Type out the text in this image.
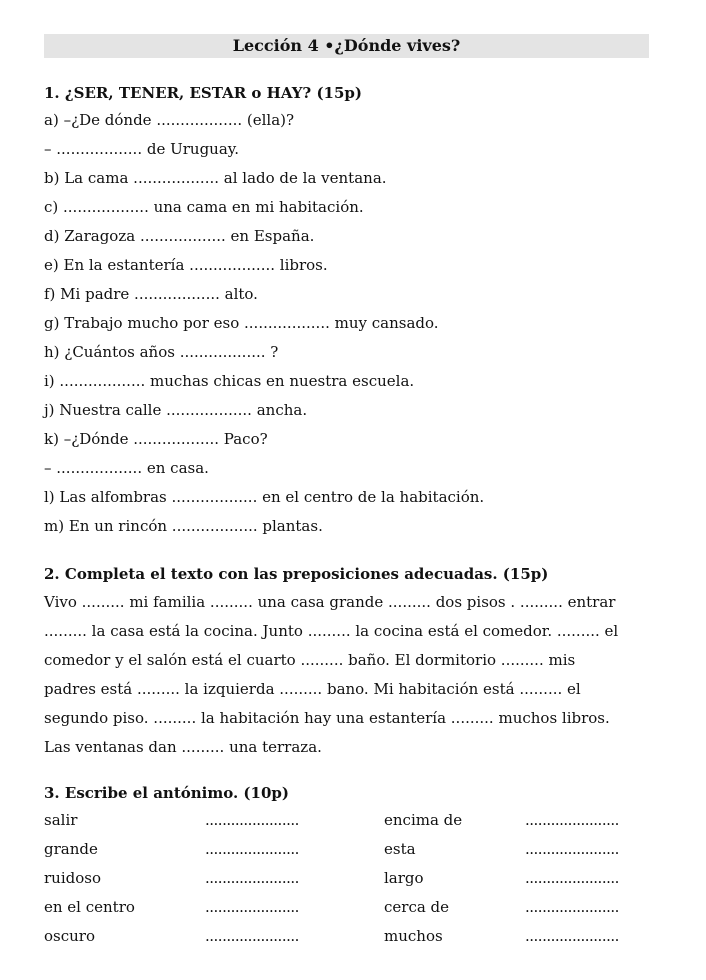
Lección 4 •¿Dónde vives?
1. ¿SER, TENER, ESTAR o HAY? (15p)
a) –¿De dónde .................. (ella)?
– .................. de Uruguay.
b) La cama .................. al lado de la ventana.
c) .................. una cama en mi habitación.
d) Zaragoza .................. en España.
e) En la estantería .................. libros.
f) Mi padre .................. alto.
g) Trabajo mucho por eso .................. muy cansado.
h) ¿Cuántos años .................. ?
i) .................. muchas chicas en nuestra escuela.
j) Nuestra calle .................. ancha.
k) –¿Dónde .................. Paco?
– .................. en casa.
l) Las alfombras .................. en el centro de la habitación.
m) En un rincón .................. plantas.
2. Completa el texto con las preposiciones adecuadas. (15p)
Vivo ......... mi familia ......... una casa grande ......... dos pisos . ......... entrar
......... la casa está la cocina. Junto ......... la cocina está el comedor. ......... el
comedor y el salón está el cuarto ......... baño. El dormitorio ......... mis
padres está ......... la izquierda ......... bano. Mi habitación está ......... el
segundo piso. ......... la habitación hay una estantería ......... muchos libros.
Las ventanas dan ......... una terraza.
3. Escribe el antónimo. (10p)
salir	......................	encima de	......................
grande	......................	esta	......................
ruidoso	......................	largo	......................
en el centro	......................	cerca de	......................
oscuro	......................	muchos	......................
